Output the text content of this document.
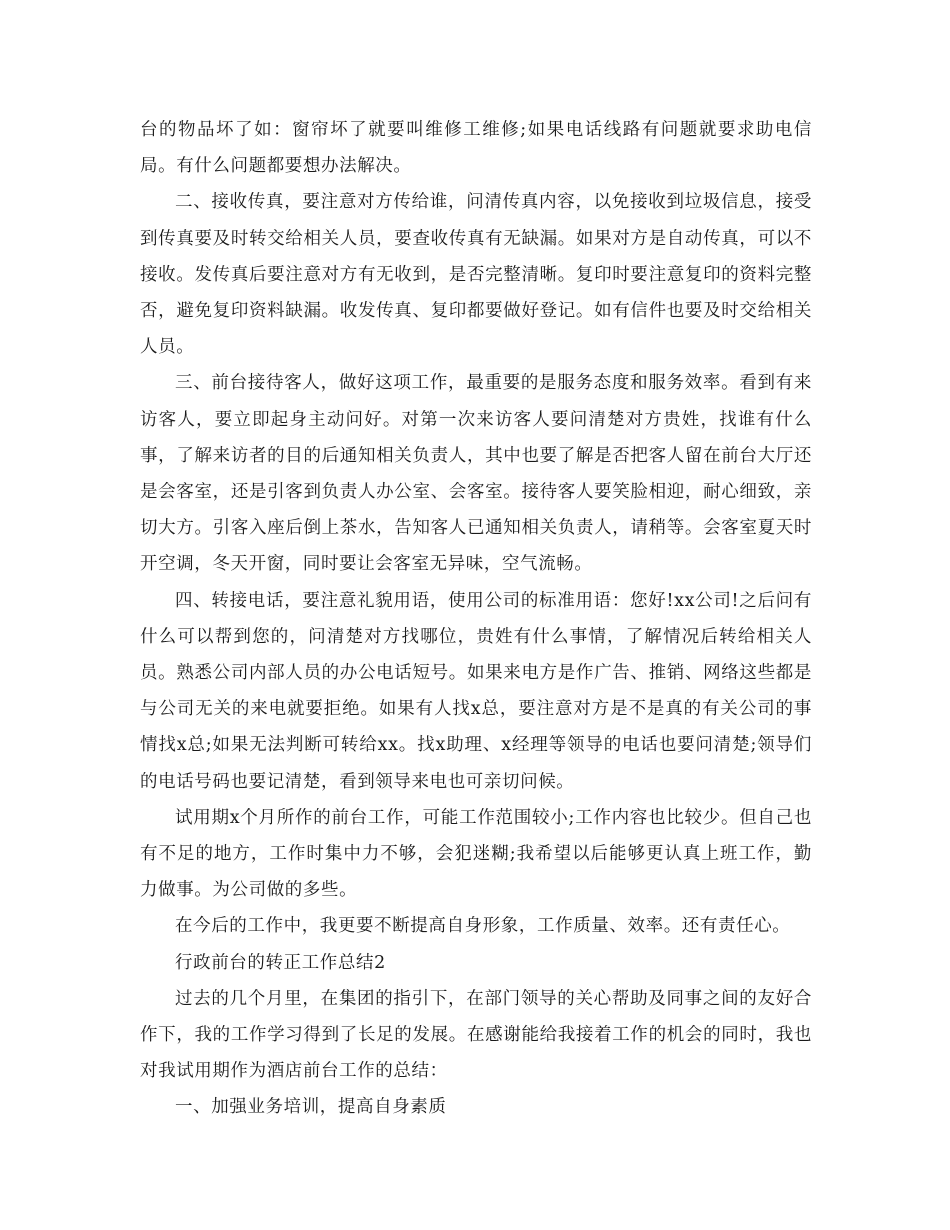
台的物品坏了如：窗帘坏了就要叫维修工维修;如果电话线路有问题就要求助电信局。有什么问题都要想办法解决。

二、接收传真，要注意对方传给谁，问清传真内容，以免接收到垃圾信息，接受到传真要及时转交给相关人员，要查收传真有无缺漏。如果对方是自动传真，可以不接收。发传真后要注意对方有无收到，是否完整清晰。复印时要注意复印的资料完整否，避免复印资料缺漏。收发传真、复印都要做好登记。如有信件也要及时交给相关人员。

三、前台接待客人，做好这项工作，最重要的是服务态度和服务效率。看到有来访客人，要立即起身主动问好。对第一次来访客人要问清楚对方贵姓，找谁有什么事，了解来访者的目的后通知相关负责人，其中也要了解是否把客人留在前台大厅还是会客室，还是引客到负责人办公室、会客室。接待客人要笑脸相迎，耐心细致，亲切大方。引客入座后倒上茶水，告知客人已通知相关负责人，请稍等。会客室夏天时开空调，冬天开窗，同时要让会客室无异味，空气流畅。

四、转接电话，要注意礼貌用语，使用公司的标准用语：您好!xx公司!之后问有什么可以帮到您的，问清楚对方找哪位，贵姓有什么事情，了解情况后转给相关人员。熟悉公司内部人员的办公电话短号。如果来电方是作广告、推销、网络这些都是与公司无关的来电就要拒绝。如果有人找x总，要注意对方是不是真的有关公司的事情找x总;如果无法判断可转给xx。找x助理、x经理等领导的电话也要问清楚;领导们的电话号码也要记清楚，看到领导来电也可亲切问候。

试用期x个月所作的前台工作，可能工作范围较小;工作内容也比较少。但自己也有不足的地方，工作时集中力不够，会犯迷糊;我希望以后能够更认真上班工作，勤力做事。为公司做的多些。

在今后的工作中，我更要不断提高自身形象，工作质量、效率。还有责任心。

行政前台的转正工作总结2

过去的几个月里，在集团的指引下，在部门领导的关心帮助及同事之间的友好合作下，我的工作学习得到了长足的发展。在感谢能给我接着工作的机会的同时，我也对我试用期作为酒店前台工作的总结：

一、加强业务培训，提高自身素质
